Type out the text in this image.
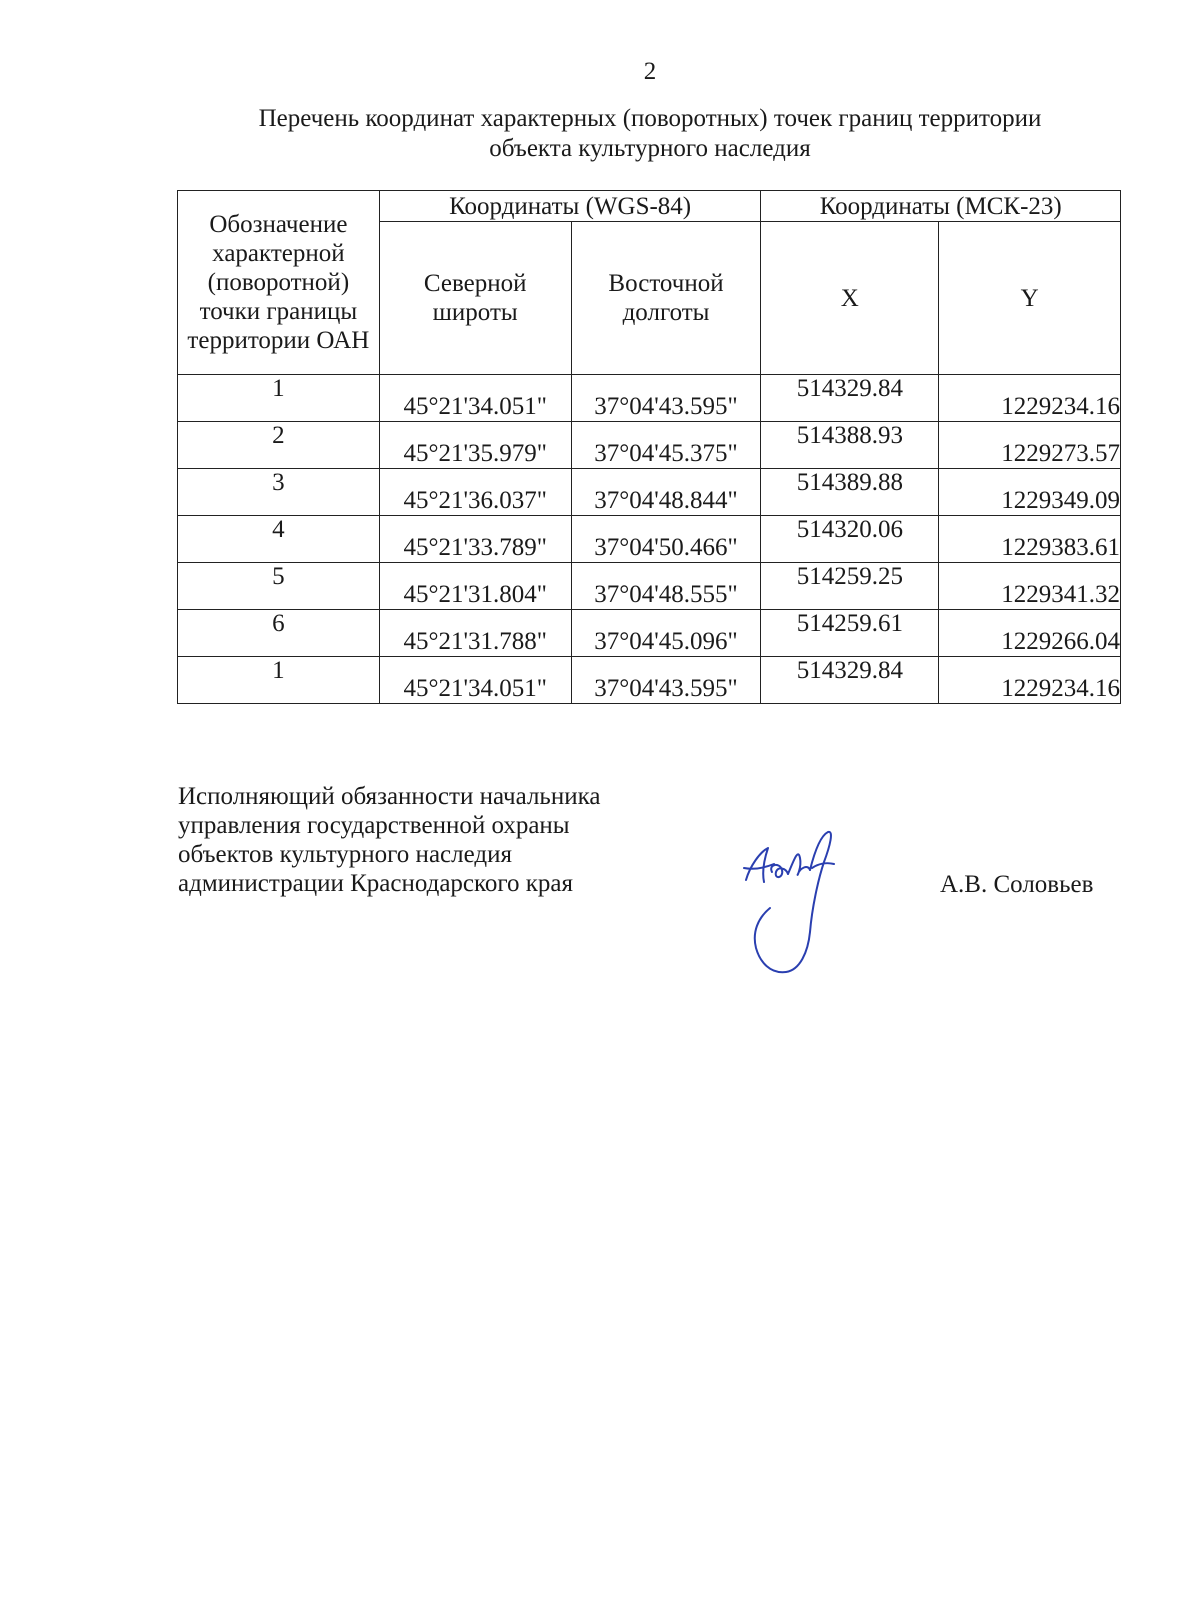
2
Перечень координат характерных (поворотных) точек границ территории
объекта культурного наследия
Обозначение характерной (поворотной) точки границы территории ОАН	Координаты (WGS-84)		Координаты (МСК-23)	
	Северной широты	Восточной долготы	X	Y
1	45°21'34.051"	37°04'43.595"	514329.84	1229234.16
2	45°21'35.979"	37°04'45.375"	514388.93	1229273.57
3	45°21'36.037"	37°04'48.844"	514389.88	1229349.09
4	45°21'33.789"	37°04'50.466"	514320.06	1229383.61
5	45°21'31.804"	37°04'48.555"	514259.25	1229341.32
6	45°21'31.788"	37°04'45.096"	514259.61	1229266.04
1	45°21'34.051"	37°04'43.595"	514329.84	1229234.16
Исполняющий обязанности начальника
управления государственной охраны
объектов культурного наследия
администрации Краснодарского края	А.В. Соловьев
